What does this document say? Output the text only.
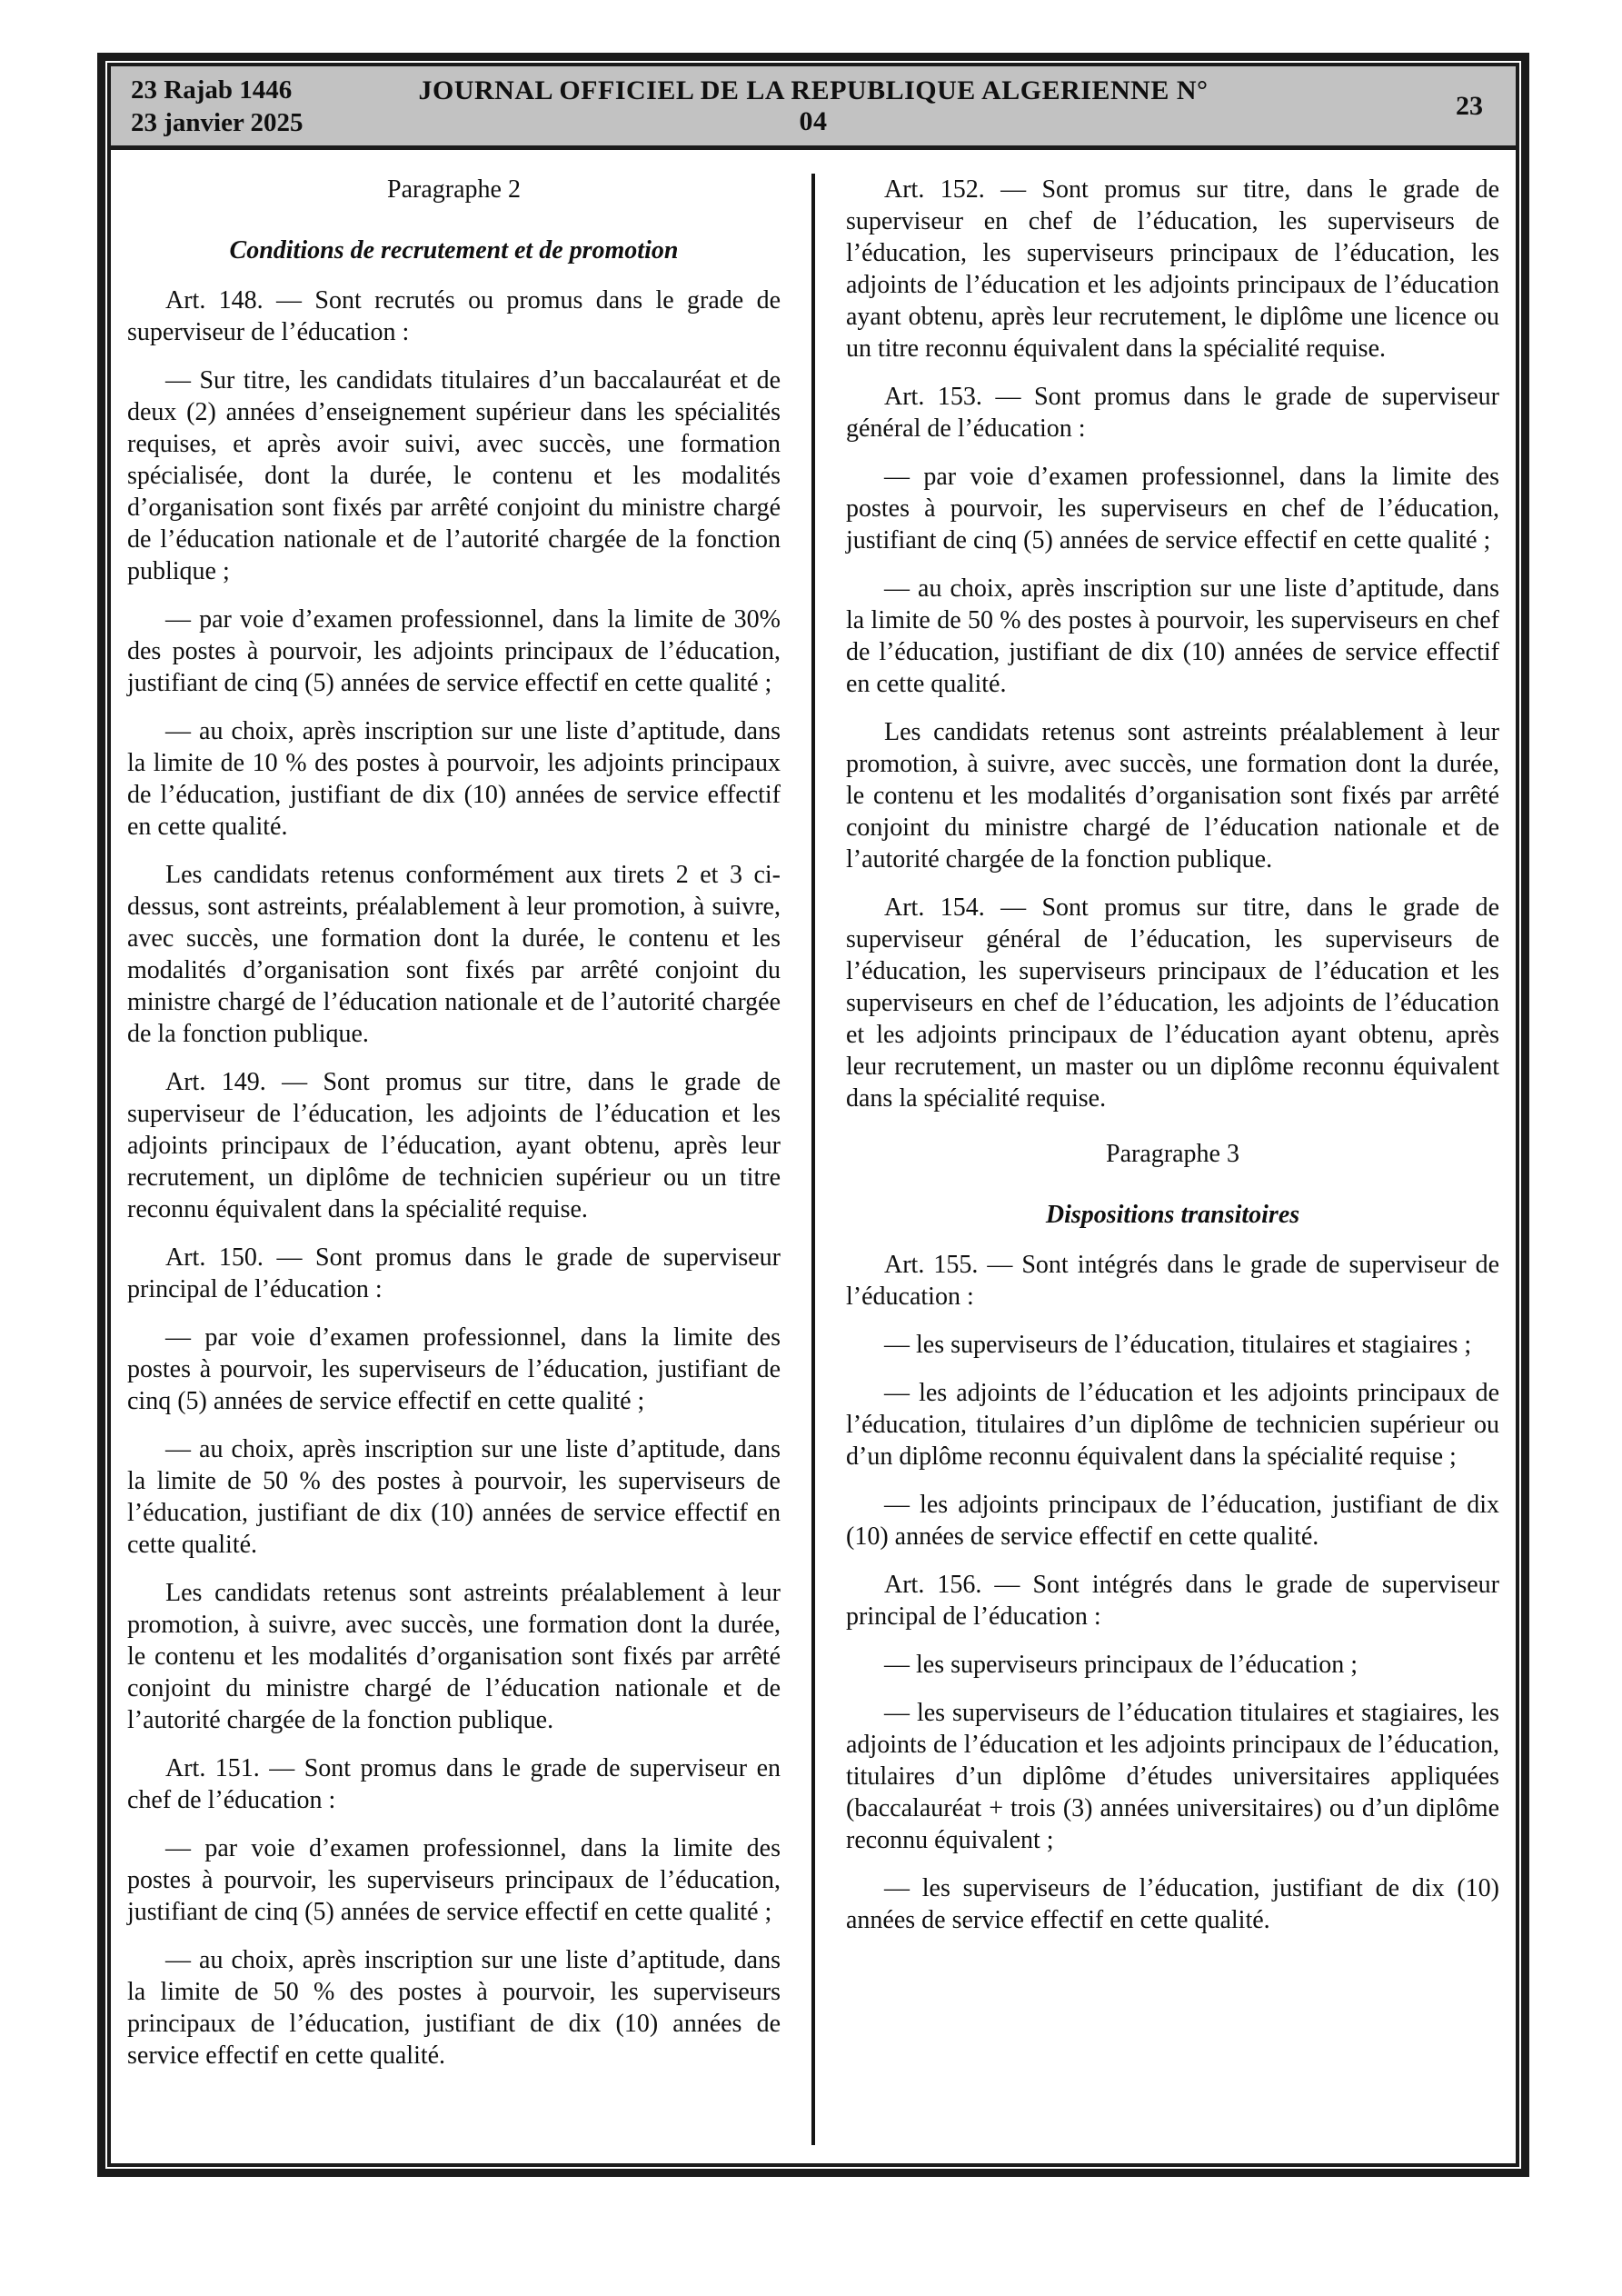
23 Rajab 1446
23 janvier 2025
JOURNAL OFFICIEL DE LA REPUBLIQUE ALGERIENNE N° 04
23
Paragraphe 2
Conditions de recrutement et de promotion

Art. 148. — Sont recrutés ou promus dans le grade de superviseur de l’éducation :

— Sur titre, les candidats titulaires d’un baccalauréat et de deux (2) années d’enseignement supérieur dans les spécialités requises, et après avoir suivi, avec succès, une formation spécialisée, dont la durée, le contenu et les modalités d’organisation sont fixés par arrêté conjoint du ministre chargé de l’éducation nationale et de l’autorité chargée de la fonction publique ;

— par voie d’examen professionnel, dans la limite de 30% des postes à pourvoir, les adjoints principaux de l’éducation, justifiant de cinq (5) années de service effectif en cette qualité ;

— au choix, après inscription sur une liste d’aptitude, dans la limite de 10 % des postes à pourvoir, les adjoints principaux de l’éducation, justifiant de dix (10) années de service effectif en cette qualité.

Les candidats retenus conformément aux tirets 2 et 3 ci-dessus, sont astreints, préalablement à leur promotion, à suivre, avec succès, une formation dont la durée, le contenu et les modalités d’organisation sont fixés par arrêté conjoint du ministre chargé de l’éducation nationale et de l’autorité chargée de la fonction publique.

Art. 149. — Sont promus sur titre, dans le grade de superviseur de l’éducation, les adjoints de l’éducation et les adjoints principaux de l’éducation, ayant obtenu, après leur recrutement, un diplôme de technicien supérieur ou un titre reconnu équivalent dans la spécialité requise.

Art. 150. — Sont promus dans le grade de superviseur principal de l’éducation :

— par voie d’examen professionnel, dans la limite des postes à pourvoir, les superviseurs de l’éducation, justifiant de cinq (5) années de service effectif en cette qualité ;

— au choix, après inscription sur une liste d’aptitude, dans la limite de 50 % des postes à pourvoir, les superviseurs de l’éducation, justifiant de dix (10) années de service effectif en cette qualité.

Les candidats retenus sont astreints préalablement à leur promotion, à suivre, avec succès, une formation dont la durée, le contenu et les modalités d’organisation sont fixés par arrêté conjoint du ministre chargé de l’éducation nationale et de l’autorité chargée de la fonction publique.

Art. 151. — Sont promus dans le grade de superviseur en chef de l’éducation :

— par voie d’examen professionnel, dans la limite des postes à pourvoir, les superviseurs principaux de l’éducation, justifiant de cinq (5) années de service effectif en cette qualité ;

— au choix, après inscription sur une liste d’aptitude, dans la limite de 50 % des postes à pourvoir, les superviseurs principaux de l’éducation, justifiant de dix (10) années de service effectif en cette qualité.

Art. 152. — Sont promus sur titre, dans le grade de superviseur en chef de l’éducation, les superviseurs de l’éducation, les superviseurs principaux de l’éducation, les adjoints de l’éducation et les adjoints principaux de l’éducation ayant obtenu, après leur recrutement, le diplôme une licence ou un titre reconnu équivalent dans la spécialité requise.

Art. 153. — Sont promus dans le grade de superviseur général de l’éducation :

— par voie d’examen professionnel, dans la limite des postes à pourvoir, les superviseurs en chef de l’éducation, justifiant de cinq (5) années de service effectif en cette qualité ;

— au choix, après inscription sur une liste d’aptitude, dans la limite de 50 % des postes à pourvoir, les superviseurs en chef de l’éducation, justifiant de dix (10) années de service effectif en cette qualité.

Les candidats retenus sont astreints préalablement à leur promotion, à suivre, avec succès, une formation dont la durée, le contenu et les modalités d’organisation sont fixés par arrêté conjoint du ministre chargé de l’éducation nationale et de l’autorité chargée de la fonction publique.

Art. 154. — Sont promus sur titre, dans le grade de superviseur général de l’éducation, les superviseurs de l’éducation, les superviseurs principaux de l’éducation et les superviseurs en chef de l’éducation, les adjoints de l’éducation et les adjoints principaux de l’éducation ayant obtenu, après leur recrutement, un master ou un diplôme reconnu équivalent dans la spécialité requise.

Paragraphe 3
Dispositions transitoires

Art. 155. — Sont intégrés dans le grade de superviseur de l’éducation :

— les superviseurs de l’éducation, titulaires et stagiaires ;

— les adjoints de l’éducation et les adjoints principaux de l’éducation, titulaires d’un diplôme de technicien supérieur ou d’un diplôme reconnu équivalent dans la spécialité requise ;

— les adjoints principaux de l’éducation, justifiant de dix (10) années de service effectif en cette qualité.

Art. 156. — Sont intégrés dans le grade de superviseur principal de l’éducation :

— les superviseurs principaux de l’éducation ;

— les superviseurs de l’éducation titulaires et stagiaires, les adjoints de l’éducation et les adjoints principaux de l’éducation, titulaires d’un diplôme d’études universitaires appliquées (baccalauréat + trois (3) années universitaires) ou d’un diplôme reconnu équivalent ;

— les superviseurs de l’éducation, justifiant de dix (10) années de service effectif en cette qualité.
